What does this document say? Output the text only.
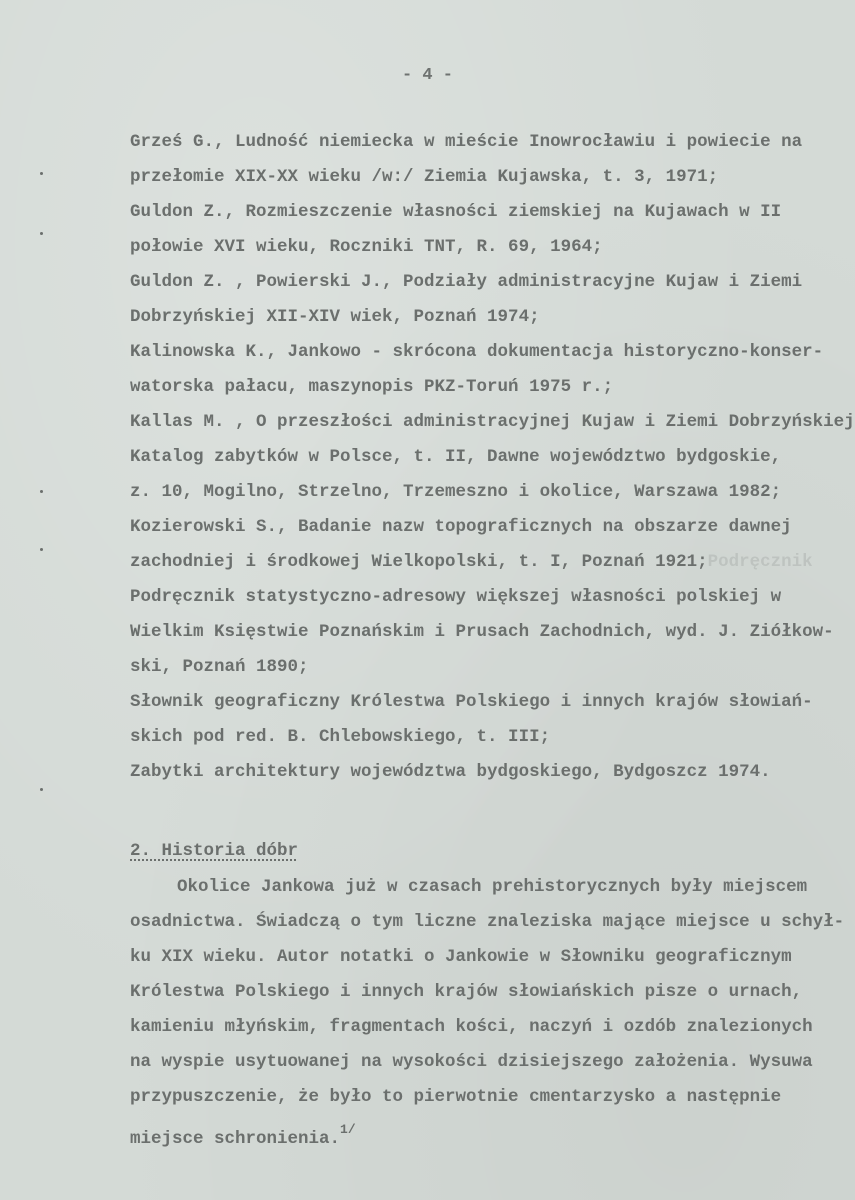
- 4 -
Grześ G., Ludność niemiecka w mieście Inowrocławiu i powiecie na
przełomie XIX-XX wieku /w:/ Ziemia Kujawska, t. 3, 1971;
Guldon Z., Rozmieszczenie własności ziemskiej na Kujawach w II
połowie XVI wieku, Roczniki TNT, R. 69, 1964;
Guldon Z. , Powierski J., Podziały administracyjne Kujaw i Ziemi
Dobrzyńskiej XII-XIV wiek, Poznań 1974;
Kalinowska K., Jankowo - skrócona dokumentacja historyczno-konser-
watorska pałacu, maszynopis PKZ-Toruń 1975 r.;
Kallas M. , O przeszłości administracyjnej Kujaw i Ziemi Dobrzyńskiej
Katalog zabytków w Polsce, t. II, Dawne województwo bydgoskie,
z. 10, Mogilno, Strzelno, Trzemeszno i okolice, Warszawa 1982;
Kozierowski S., Badanie nazw topograficznych na obszarze dawnej
zachodniej i środkowej Wielkopolski, t. I, Poznań 1921;Podręcznik
Podręcznik statystyczno-adresowy większej własności polskiej w
Wielkim Księstwie Poznańskim i Prusach Zachodnich, wyd. J. Ziółkow-
ski, Poznań 1890;
Słownik geograficzny Królestwa Polskiego i innych krajów słowiań-
skich pod red. B. Chlebowskiego, t. III;
Zabytki architektury województwa bydgoskiego, Bydgoszcz 1974.
2. Historia dóbr
Okolice Jankowa już w czasach prehistorycznych były miejscem
osadnictwa. Świadczą o tym liczne znaleziska mające miejsce u schył-
ku XIX wieku. Autor notatki o Jankowie w Słowniku geograficznym
Królestwa Polskiego i innych krajów słowiańskich pisze o urnach,
kamieniu młyńskim, fragmentach kości, naczyń i ozdób znalezionych
na wyspie usytuowanej na wysokości dzisiejszego założenia. Wysuwa
przypuszczenie, że było to pierwotnie cmentarzysko a następnie
miejsce schronienia.$^{1/}$
